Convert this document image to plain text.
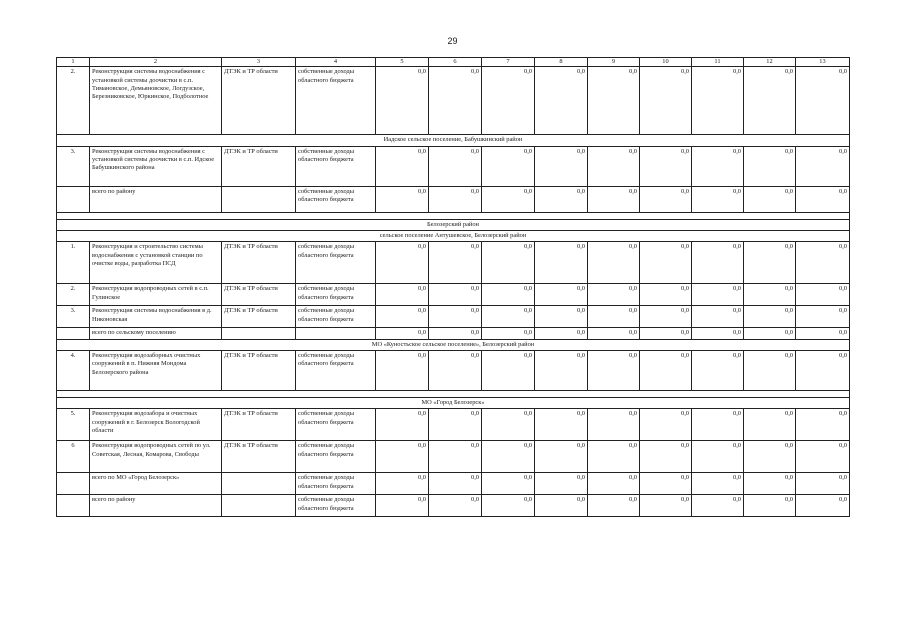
29
1	2	3	4	5	6	7	8	9	10	11	12	13
2.	Реконструкция системы водоснабжения с установкой системы доочистки в с.п. Тимановское, Демьяновское, Логдузское, Березниковское, Юркинское, Подболотное	ДТЭК и ТР области	собственные доходы областного бюджета	0,0	0,0	0,0	0,0	0,0	0,0	0,0	0,0	0,0
Иадское сельское поселение, Бабушкинский район												
3.	Реконструкция системы водоснабжения с установкой системы доочистки в с.п. Идское Бабушкинского района	ДТЭК и ТР области	собственные доходы областного бюджета	0,0	0,0	0,0	0,0	0,0	0,0	0,0	0,0	0,0
	всего по району		собственные доходы областного бюджета	0,0	0,0	0,0	0,0	0,0	0,0	0,0	0,0	0,0

Белозерский район												
сельское поселение Антушевское, Белозерский район												
1.	Реконструкция и строительство системы водоснабжения с установкой станции по очистке воды, разработка ПСД	ДТЭК и ТР области	собственные доходы областного бюджета	0,0	0,0	0,0	0,0	0,0	0,0	0,0	0,0	0,0
2.	Реконструкция водопроводных сетей в с.п. Гулинское	ДТЭК и ТР области	собственные доходы областного бюджета	0,0	0,0	0,0	0,0	0,0	0,0	0,0	0,0	0,0
3.	Реконструкция системы водоснабжения в д. Никоновская	ДТЭК и ТР области	собственные доходы областного бюджета	0,0	0,0	0,0	0,0	0,0	0,0	0,0	0,0	0,0
	всего по сельскому поселению			0,0	0,0	0,0	0,0	0,0	0,0	0,0	0,0	0,0
МО «Куностьское сельское поселение», Белозерский район												
4.	Реконструкция водозаборных очистных сооружений в п. Нижняя Мондома Белозерского района	ДТЭК и ТР области	собственные доходы областного бюджета	0,0	0,0	0,0	0,0	0,0	0,0	0,0	0,0	0,0

МО «Город Белозерск»												
5.	Реконструкция водозабора и очистных сооружений в г. Белозерск Вологодской области	ДТЭК и ТР области	собственные доходы областного бюджета	0,0	0,0	0,0	0,0	0,0	0,0	0,0	0,0	0,0
6	Реконструкция водопроводных сетей по ул. Советская, Лесная, Комарова, Свободы	ДТЭК и ТР области	собственные доходы областного бюджета	0,0	0,0	0,0	0,0	0,0	0,0	0,0	0,0	0,0
	всего по МО «Город Белозерск»		собственные доходы областного бюджета	0,0	0,0	0,0	0,0	0,0	0,0	0,0	0,0	0,0
	всего по району		собственные доходы областного бюджета	0,0	0,0	0,0	0,0	0,0	0,0	0,0	0,0	0,0
